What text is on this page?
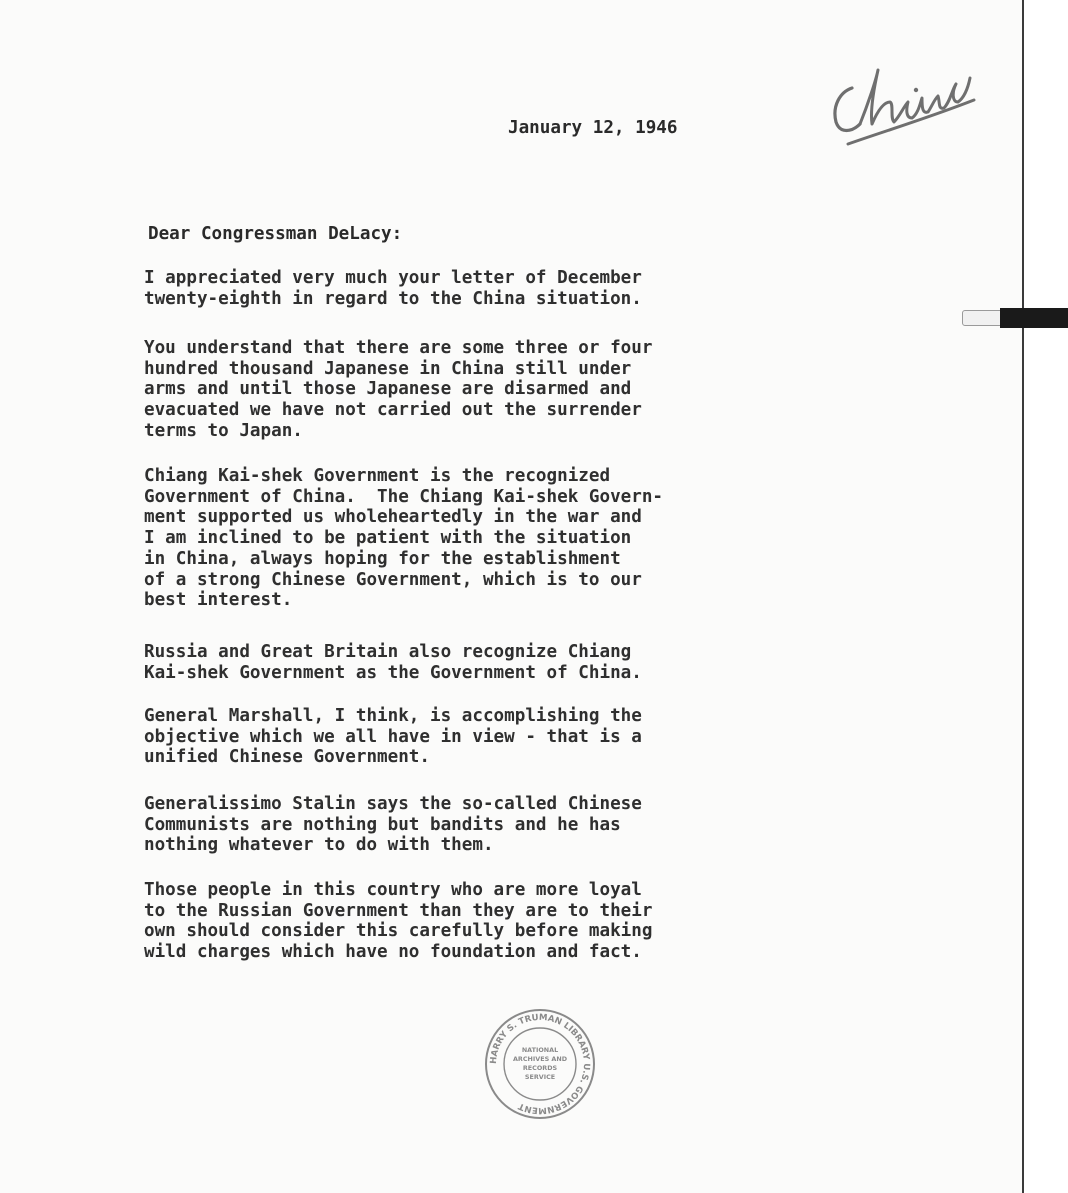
January 12, 1946

Dear Congressman DeLacy:

I appreciated very much your letter of December
twenty-eighth in regard to the China situation.
You understand that there are some three or four
hundred thousand Japanese in China still under
arms and until those Japanese are disarmed and
evacuated we have not carried out the surrender
terms to Japan.
Chiang Kai-shek Government is the recognized
Government of China.  The Chiang Kai-shek Govern-
ment supported us wholeheartedly in the war and
I am inclined to be patient with the situation
in China, always hoping for the establishment
of a strong Chinese Government, which is to our
best interest.
Russia and Great Britain also recognize Chiang
Kai-shek Government as the Government of China.
General Marshall, I think, is accomplishing the
objective which we all have in view - that is a
unified Chinese Government.
Generalissimo Stalin says the so-called Chinese
Communists are nothing but bandits and he has
nothing whatever to do with them.
Those people in this country who are more loyal
to the Russian Government than they are to their
own should consider this carefully before making
wild charges which have no foundation and fact.
HARRY S. TRUMAN LIBRARY U.S. GOVERNMENT
NATIONAL
ARCHIVES AND
RECORDS
SERVICE
